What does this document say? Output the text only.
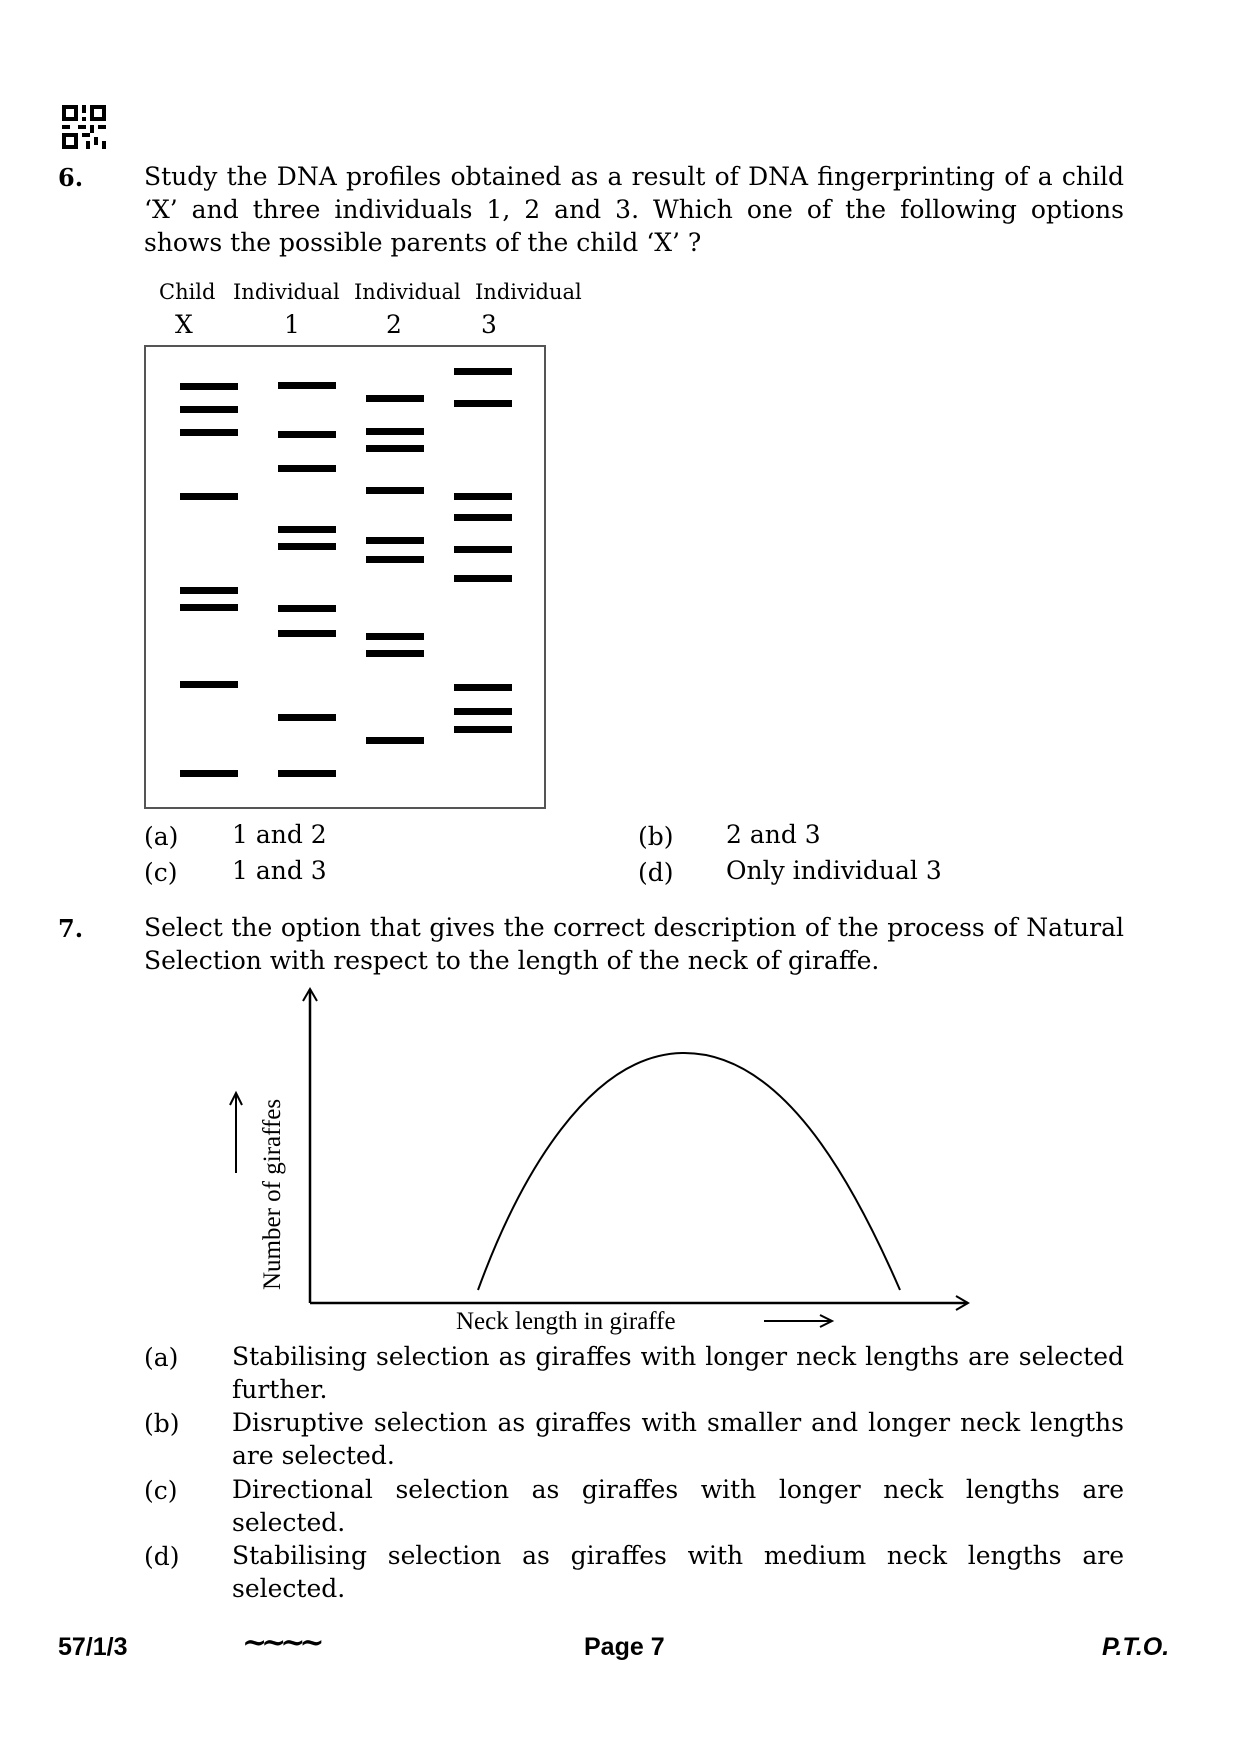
6. Study the DNA profiles obtained as a result of DNA fingerprinting of a child ‘X’ and three individuals 1, 2 and 3. Which one of the following options shows the possible parents of the child ‘X’ ?
Child Individual Individual Individual
X	1	2	3
(a) 1 and 2	(b) 2 and 3
(c) 1 and 3	(d) Only individual 3
7. Select the option that gives the correct description of the process of Natural Selection with respect to the length of the neck of giraffe.
Number of giraffes
Neck length in giraffe
(a) Stabilising selection as giraffes with longer neck lengths are selected further.
(b) Disruptive selection as giraffes with smaller and longer neck lengths are selected.
(c) Directional selection as giraffes with longer neck lengths are selected.
(d) Stabilising selection as giraffes with medium neck lengths are selected.
57/1/3	~~~~	Page 7	P.T.O.
